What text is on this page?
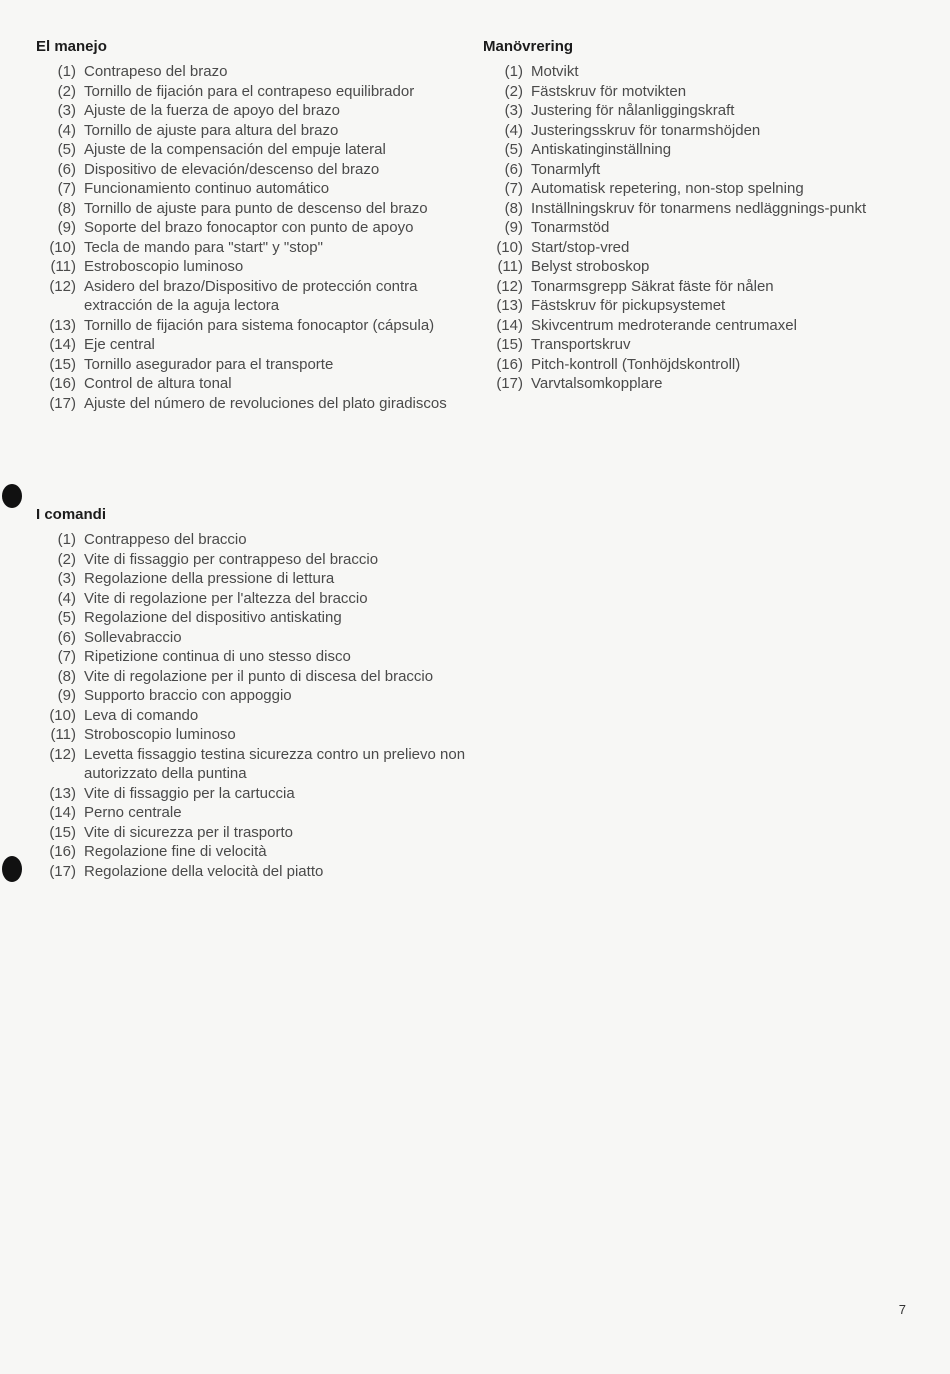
El manejo
(1) Contrapeso del brazo
(2) Tornillo de fijación para el contrapeso equilibrador
(3) Ajuste de la fuerza de apoyo del brazo
(4) Tornillo de ajuste para altura del brazo
(5) Ajuste de la compensación del empuje lateral
(6) Dispositivo de elevación/descenso del brazo
(7) Funcionamiento continuo automático
(8) Tornillo de ajuste para punto de descenso del brazo
(9) Soporte del brazo fonocaptor con punto de apoyo
(10) Tecla de mando para "start" y "stop"
(11) Estroboscopio luminoso
(12) Asidero del brazo/Dispositivo de protección contra extracción de la aguja lectora
(13) Tornillo de fijación para sistema fonocaptor (cápsula)
(14) Eje central
(15) Tornillo asegurador para el transporte
(16) Control de altura tonal
(17) Ajuste del número de revoluciones del plato giradiscos
Manövrering
(1) Motvikt
(2) Fästskruv för motvikten
(3) Justering för nålanliggingskraft
(4) Justeringsskruv för tonarmshöjden
(5) Antiskatinginställning
(6) Tonarmlyft
(7) Automatisk repetering, non-stop spelning
(8) Inställningskruv för tonarmens nedläggnings-punkt
(9) Tonarmstöd
(10) Start/stop-vred
(11) Belyst stroboskop
(12) Tonarmsgrepp Säkrat fäste för nålen
(13) Fästskruv för pickupsystemet
(14) Skivcentrum medroterande centrumaxel
(15) Transportskruv
(16) Pitch-kontroll (Tonhöjdskontroll)
(17) Varvtalsomkopplare
I comandi
(1) Contrappeso del braccio
(2) Vite di fissaggio per contrappeso del braccio
(3) Regolazione della pressione di lettura
(4) Vite di regolazione per l'altezza del braccio
(5) Regolazione del dispositivo antiskating
(6) Sollevabraccio
(7) Ripetizione continua di uno stesso disco
(8) Vite di regolazione per il punto di discesa del braccio
(9) Supporto braccio con appoggio
(10) Leva di comando
(11) Stroboscopio luminoso
(12) Levetta fissaggio testina sicurezza contro un prelievo non autorizzato della puntina
(13) Vite di fissaggio per la cartuccia
(14) Perno centrale
(15) Vite di sicurezza per il trasporto
(16) Regolazione fine di velocità
(17) Regolazione della velocità del piatto
7
